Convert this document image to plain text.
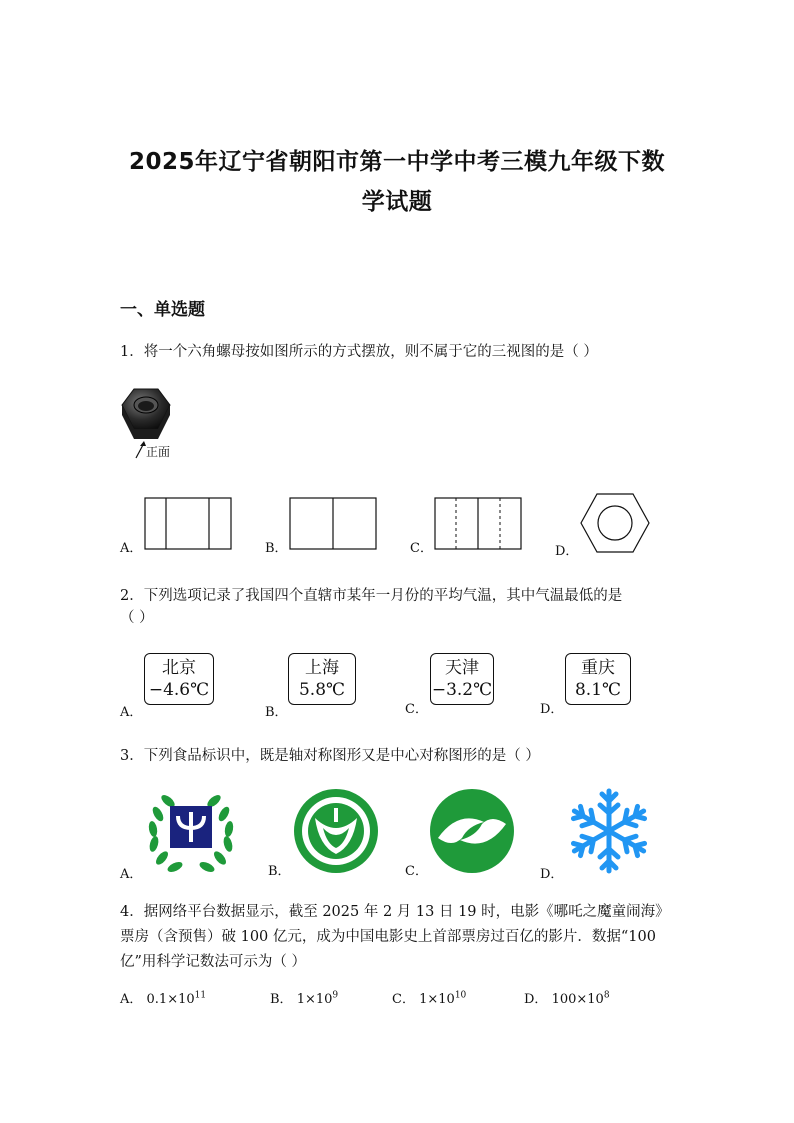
2025年辽宁省朝阳市第一中学中考三模九年级下数
学试题
一、单选题
1．将一个六角螺母按如图所示的方式摆放，则不属于它的三视图的是（ ）
正面
A．	B．	C．	D．
2．下列选项记录了我国四个直辖市某年一月份的平均气温，其中气温最低的是
（ ）
A．
北京
−4.6℃
B．
上海
5.8℃
C．
天津
−3.2℃
D．
重庆
8.1℃
3．下列食品标识中，既是轴对称图形又是中心对称图形的是（ ）
A．	B．	C．	D．
4．据网络平台数据显示，截至 2025 年 2 月 13 日 19 时，电影《哪吒之魔童闹海》
票房（含预售）破 100 亿元，成为中国电影史上首部票房过百亿的影片．数据“100
亿”用科学记数法可示为（ ）
A． $0.1\times 10^{11}$	B． $1\times 10^9$	C． $1\times 10^{10}$	D． $100\times 10^8$
